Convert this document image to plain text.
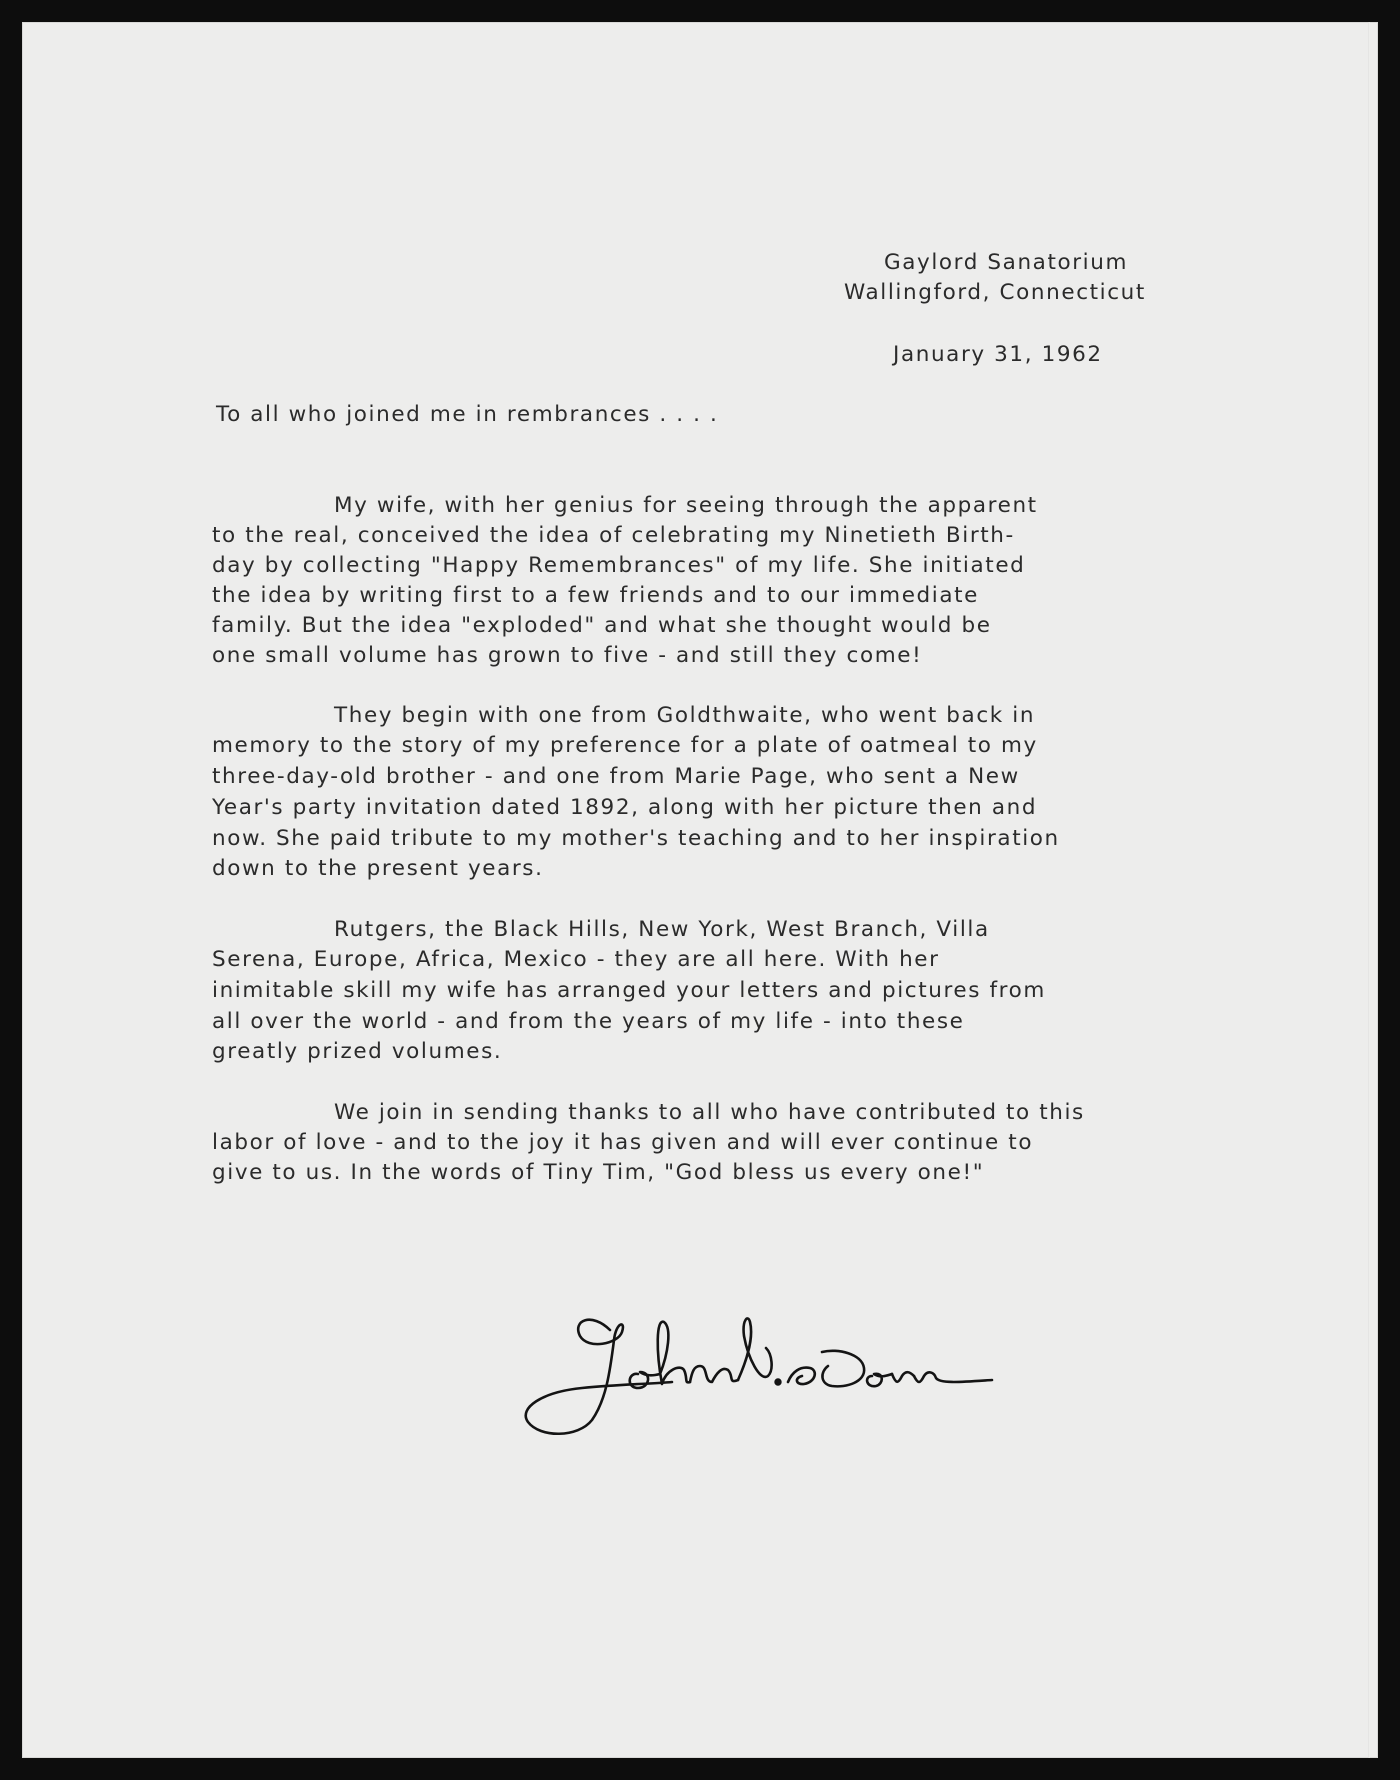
Gaylord Sanatorium
Wallingford, Connecticut
January 31, 1962
To all who joined me in rembrances . . . .
My wife, with her genius for seeing through the apparent
to the real, conceived the idea of celebrating my Ninetieth Birth-
day by collecting "Happy Remembrances" of my life. She initiated
the idea by writing first to a few friends and to our immediate
family. But the idea "exploded" and what she thought would be
one small volume has grown to five - and still they come!
They begin with one from Goldthwaite, who went back in
memory to the story of my preference for a plate of oatmeal to my
three-day-old brother - and one from Marie Page, who sent a New
Year's party invitation dated 1892, along with her picture then and
now. She paid tribute to my mother's teaching and to her inspiration
down to the present years.
Rutgers, the Black Hills, New York, West Branch, Villa
Serena, Europe, Africa, Mexico - they are all here. With her
inimitable skill my wife has arranged your letters and pictures from
all over the world - and from the years of my life - into these
greatly prized volumes.
We join in sending thanks to all who have contributed to this
labor of love - and to the joy it has given and will ever continue to
give to us. In the words of Tiny Tim, "God bless us every one!"
